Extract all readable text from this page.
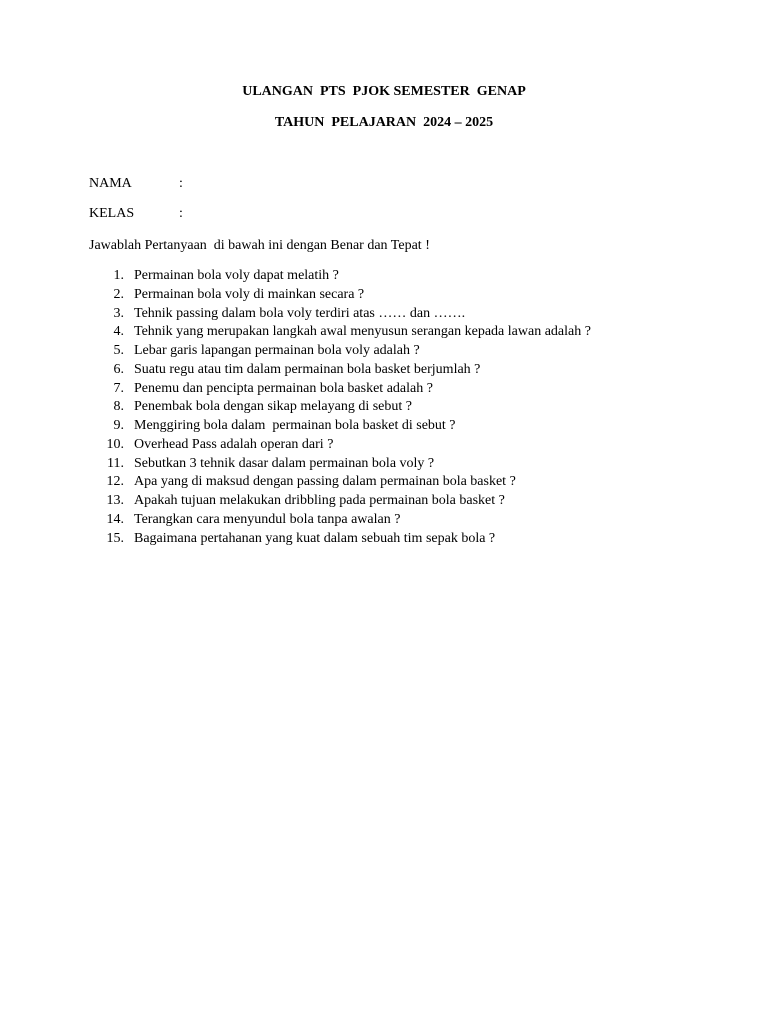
ULANGAN  PTS  PJOK SEMESTER  GENAP
TAHUN  PELAJARAN  2024 – 2025
NAMA	:
KELAS	:
Jawablah Pertanyaan  di bawah ini dengan Benar dan Tepat !
1. Permainan bola voly dapat melatih ?
2. Permainan bola voly di mainkan secara ?
3. Tehnik passing dalam bola voly terdiri atas …… dan …….
4. Tehnik yang merupakan langkah awal menyusun serangan kepada lawan adalah ?
5. Lebar garis lapangan permainan bola voly adalah ?
6. Suatu regu atau tim dalam permainan bola basket berjumlah ?
7. Penemu dan pencipta permainan bola basket adalah ?
8. Penembak bola dengan sikap melayang di sebut ?
9. Menggiring bola dalam  permainan bola basket di sebut ?
10. Overhead Pass adalah operan dari ?
11. Sebutkan 3 tehnik dasar dalam permainan bola voly ?
12. Apa yang di maksud dengan passing dalam permainan bola basket ?
13. Apakah tujuan melakukan dribbling pada permainan bola basket ?
14. Terangkan cara menyundul bola tanpa awalan ?
15. Bagaimana pertahanan yang kuat dalam sebuah tim sepak bola ?
